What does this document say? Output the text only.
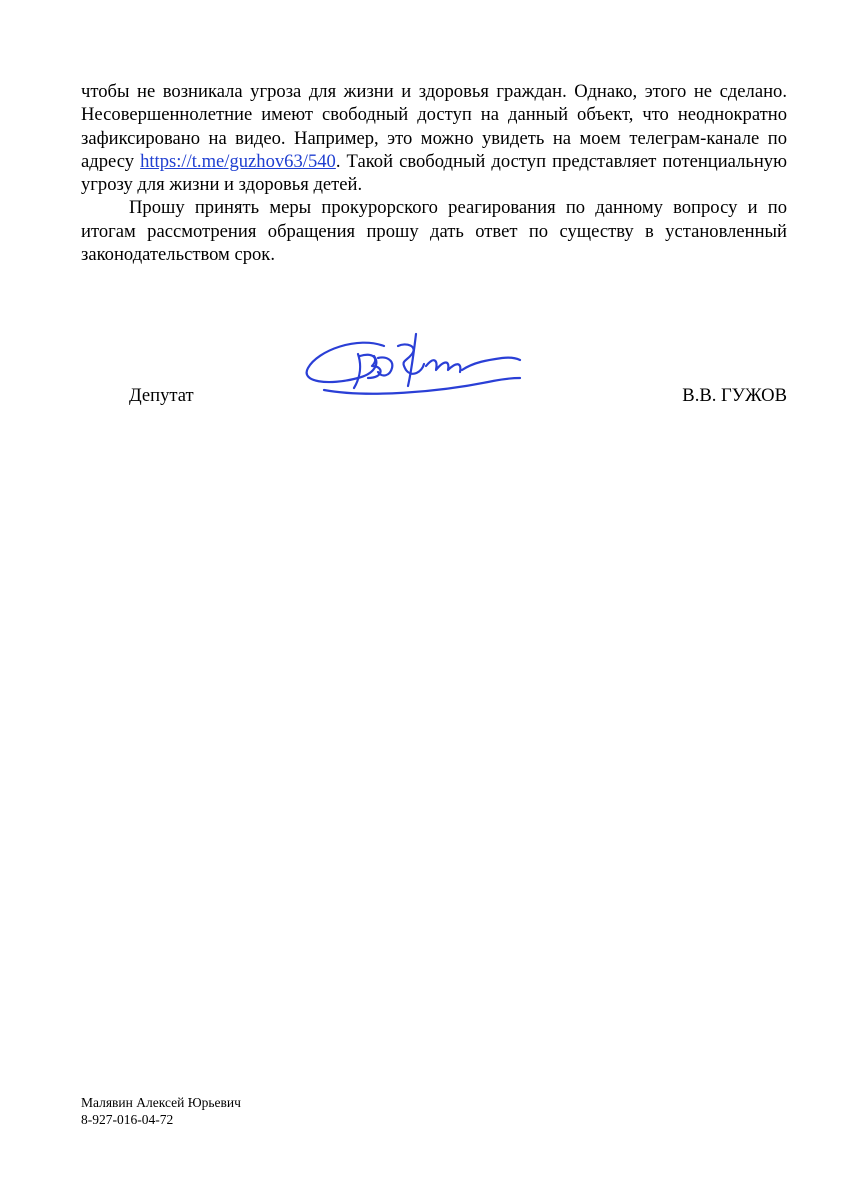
чтобы не возникала угроза для жизни и здоровья граждан. Однако, этого не сделано. Несовершеннолетние имеют свободный доступ на данный объект, что неоднократно зафиксировано на видео. Например, это можно увидеть на моем телеграм-канале по адресу https://t.me/guzhov63/540. Такой свободный доступ представляет потенциальную угрозу для жизни и здоровья детей.

Прошу принять меры прокурорского реагирования по данному вопросу и по итогам рассмотрения обращения прошу дать ответ по существу в установленный законодательством срок.

Депутат	В.В. ГУЖОВ
Малявин Алексей Юрьевич
8-927-016-04-72
